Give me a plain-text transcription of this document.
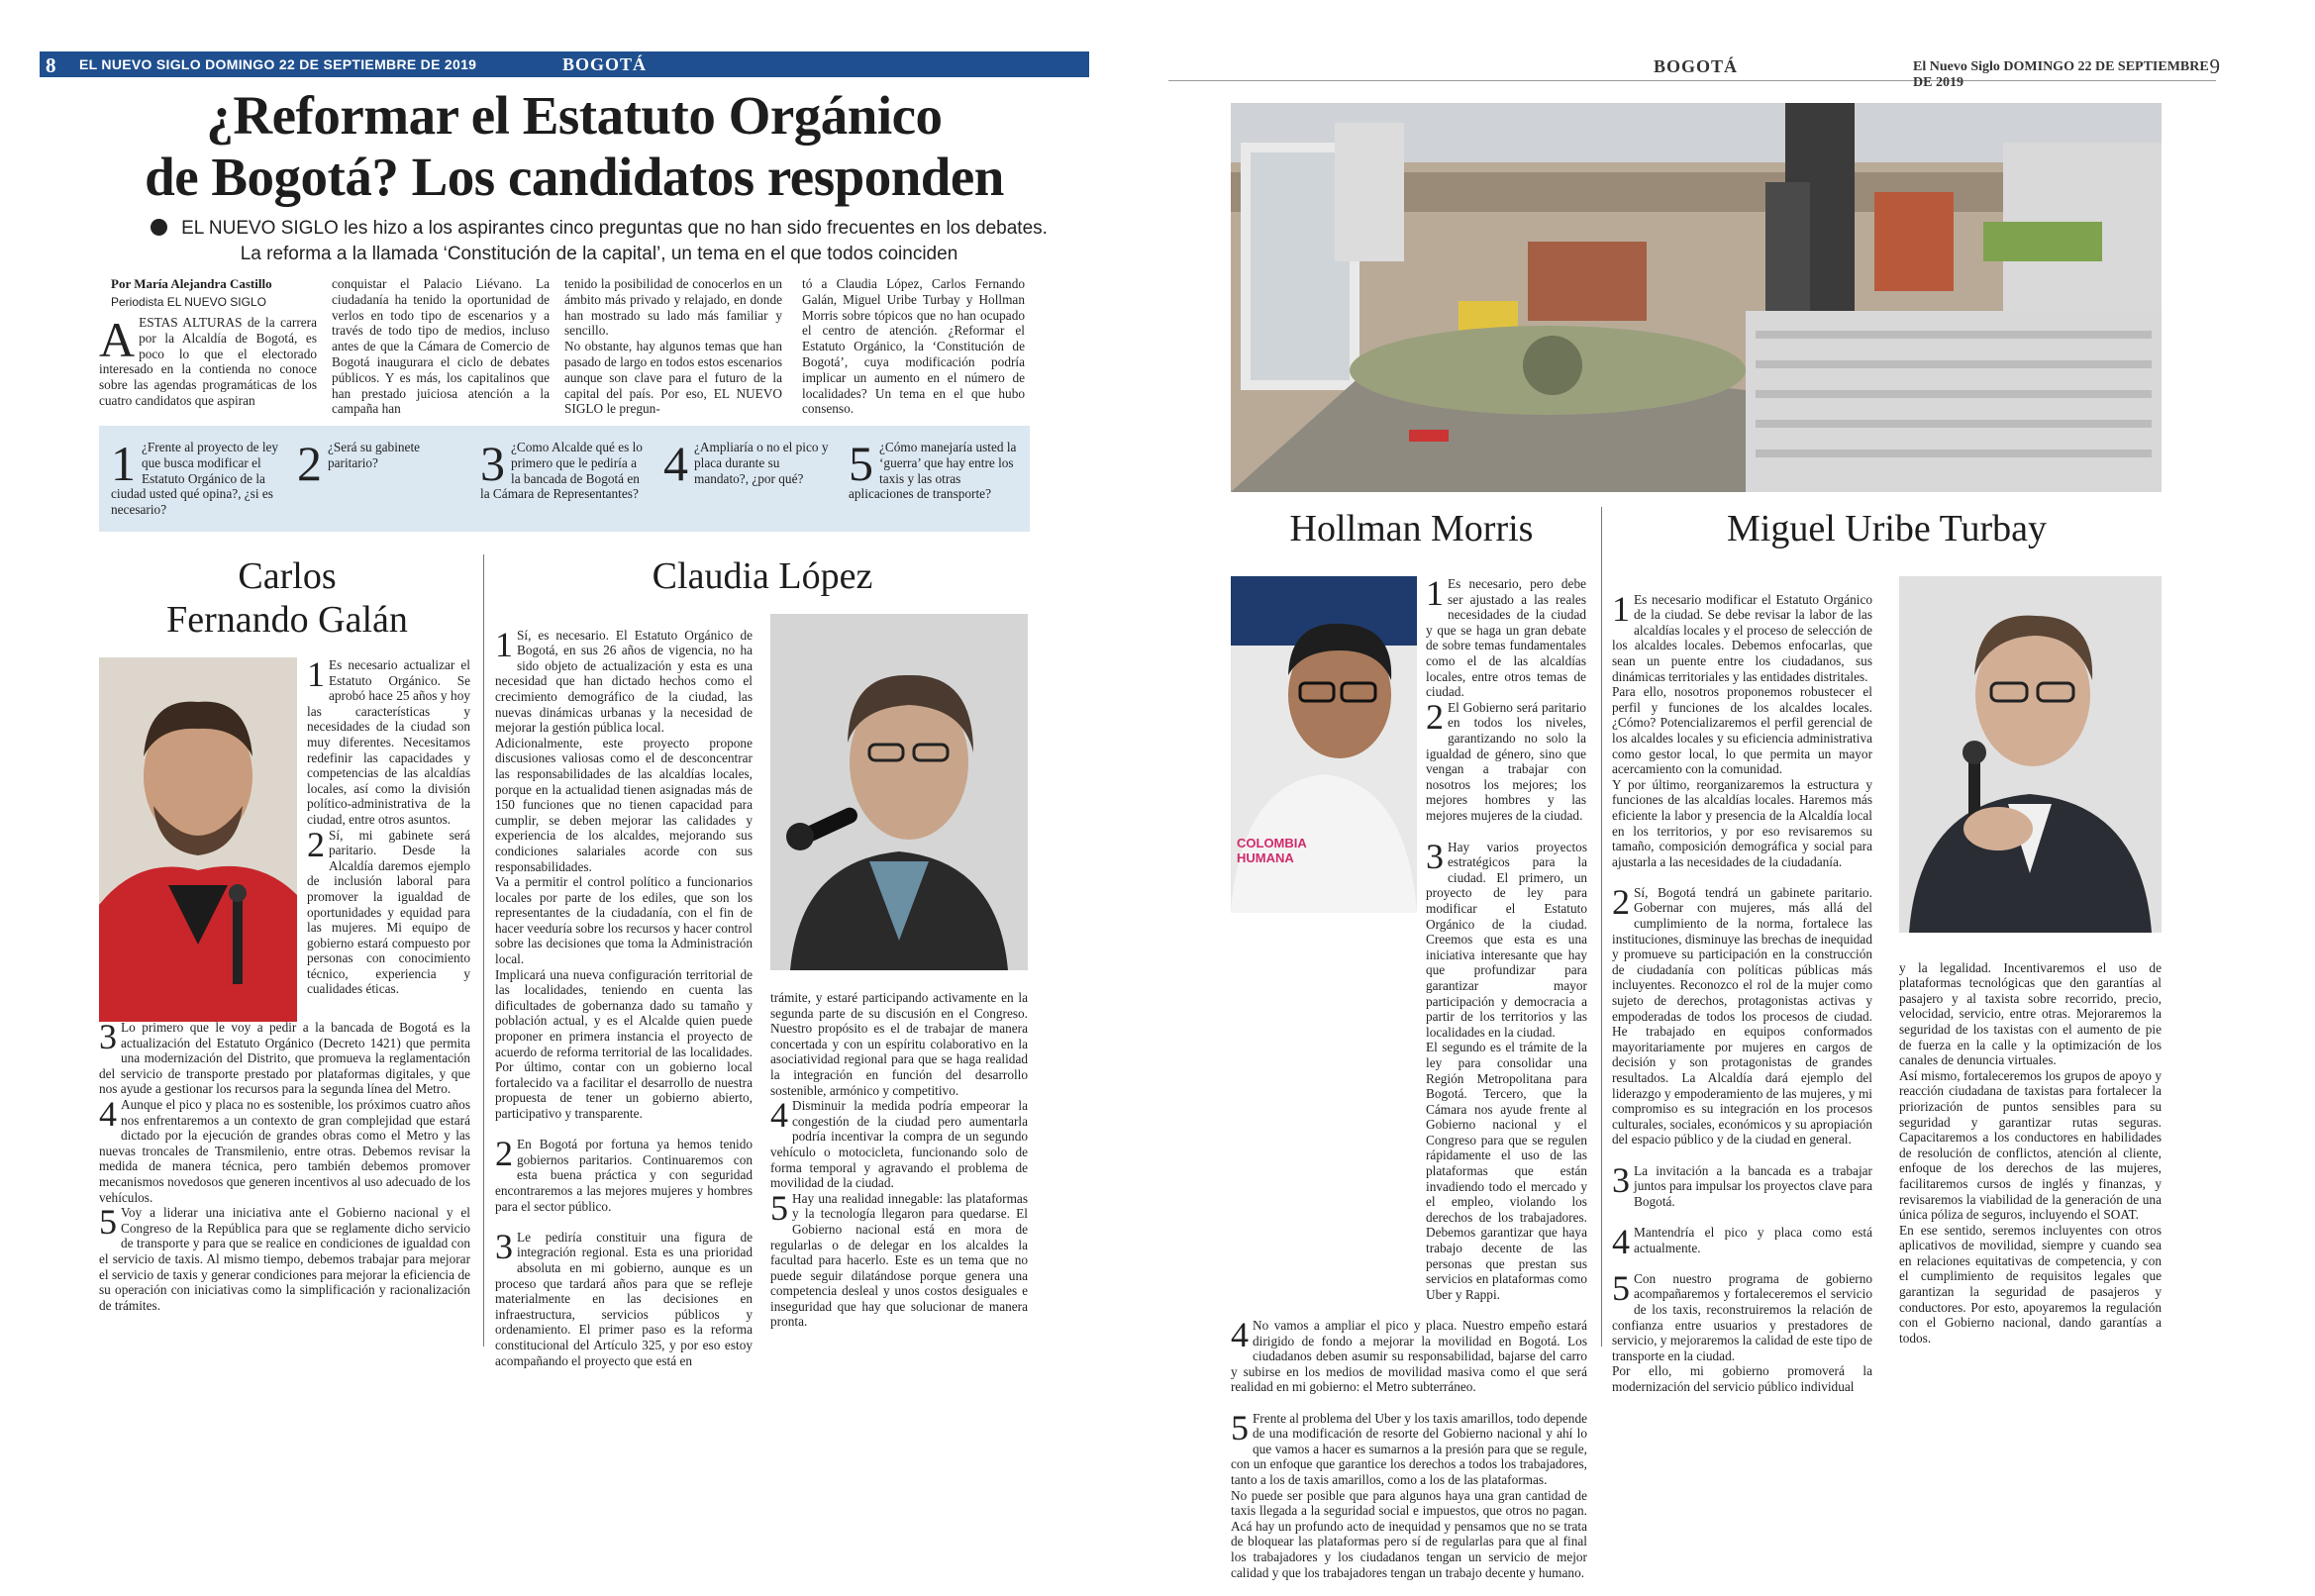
8 EL NUEVO SIGLO DOMINGO 22 DE SEPTIEMBRE DE 2019	BOGOTÁ	BOGOTÁ	El Nuevo Siglo DOMINGO 22 DE SEPTIEMBRE DE 2019
9
¿Reformar el Estatuto Orgánico
de Bogotá? Los candidatos responden
EL NUEVO SIGLO les hizo a los aspirantes cinco preguntas que no han sido frecuentes en los debates.
La reforma a la llamada ‘Constitución de la capital’, un tema en el que todos coinciden
Por María Alejandra Castillo
Periodista EL NUEVO SIGLO
AESTAS ALTURAS de la carrera por la Alcaldía de Bogotá, es poco lo que el electorado interesado en la contienda no conoce sobre las agendas programáticas de los cuatro candidatos que aspiran
conquistar el Palacio Liévano. La ciudadanía ha tenido la oportunidad de verlos en todo tipo de escenarios y a través de todo tipo de medios, incluso antes de que la Cámara de Comercio de Bogotá inaugurara el ciclo de debates públicos. Y es más, los capitalinos que han prestado juiciosa atención a la campaña han
tenido la posibilidad de conocerlos en un ámbito más privado y relajado, en donde han mostrado su lado más familiar y sencillo.
No obstante, hay algunos temas que han pasado de largo en todos estos escenarios aunque son clave para el futuro de la capital del país. Por eso, EL NUEVO SIGLO le pregun-
tó a Claudia López, Carlos Fernando Galán, Miguel Uribe Turbay y Hollman Morris sobre tópicos que no han ocupado el centro de atención. ¿Reformar el Estatuto Orgánico, la ‘Constitución de Bogotá’, cuya modificación podría implicar un aumento en el número de localidades? Un tema en el que hubo consenso.
1 ¿Frente al proyecto de ley que busca modificar el Estatuto Orgánico de la ciudad usted qué opina?, ¿si es necesario?
2 ¿Será su gabinete paritario?	3 ¿Como Alcalde qué es lo primero que le pediría a la bancada de Bogotá en la Cámara de Representantes?
4 ¿Ampliaría o no el pico y placa durante su mandato?, ¿por qué? 5 ¿Cómo manejaría usted la ‘guerra’ que hay entre los taxis y las otras aplicaciones de transporte?
Carlos
Fernando Galán

1 Es necesario actualizar el Estatuto Orgánico. Se aprobó hace 25 años y hoy las características y necesidades de la ciudad son muy diferentes. Necesitamos redefinir las capacidades y competencias de las alcaldías locales, así como la división político-administrativa de la ciudad, entre otros asuntos.

2 Sí, mi gabinete será paritario. Desde la Alcaldía daremos ejemplo de inclusión laboral para promover la igualdad de oportunidades y equidad para las mujeres. Mi equipo de gobierno estará compuesto por personas con conocimiento técnico, experiencia y cualidades éticas.

3 Lo primero que le voy a pedir a la bancada de Bogotá es la actualización del Estatuto Orgánico (Decreto 1421) que permita una modernización del Distrito, que promueva la reglamentación del servicio de transporte prestado por plataformas digitales, y que nos ayude a gestionar los recursos para la segunda línea del Metro.

4 Aunque el pico y placa no es sostenible, los próximos cuatro años nos enfrentaremos a un contexto de gran complejidad que estará dictado por la ejecución de grandes obras como el Metro y las nuevas troncales de Transmilenio, entre otras. Debemos revisar la medida de manera técnica, pero también debemos promover mecanismos novedosos que generen incentivos al uso adecuado de los vehículos.

5 Voy a liderar una iniciativa ante el Gobierno nacional y el Congreso de la República para que se reglamente dicho servicio de transporte y para que se realice en condiciones de igualdad con el servicio de taxis. Al mismo tiempo, debemos trabajar para mejorar el servicio de taxis y generar condiciones para mejorar la eficiencia de su operación con iniciativas como la simplificación y racionalización de trámites.

Claudia López

1 Sí, es necesario. El Estatuto Orgánico de Bogotá, en sus 26 años de vigencia, no ha sido objeto de actualización y esta es una necesidad que han dictado hechos como el crecimiento demográfico de la ciudad, las nuevas dinámicas urbanas y la necesidad de mejorar la gestión pública local.
Adicionalmente, este proyecto propone discusiones valiosas como el de desconcentrar las responsabilidades de las alcaldías locales, porque en la actualidad tienen asignadas más de 150 funciones que no tienen capacidad para cumplir, se deben mejorar las calidades y experiencia de los alcaldes, mejorando sus condiciones salariales acorde con sus responsabilidades.
Va a permitir el control político a funcionarios locales por parte de los ediles, que son los representantes de la ciudadanía, con el fin de hacer veeduría sobre los recursos y hacer control sobre las decisiones que toma la Administración local.
Implicará una nueva configuración territorial de las localidades, teniendo en cuenta las dificultades de gobernanza dado su tamaño y población actual, y es el Alcalde quien puede proponer en primera instancia el proyecto de acuerdo de reforma territorial de las localidades. Por último, contar con un gobierno local fortalecido va a facilitar el desarrollo de nuestra propuesta de tener un gobierno abierto, participativo y transparente.

2 En Bogotá por fortuna ya hemos tenido gobiernos paritarios. Continuaremos con esta buena práctica y con seguridad encontraremos a las mejores mujeres y hombres para el sector público.

3 Le pediría constituir una figura de integración regional. Esta es una prioridad absoluta en mi gobierno, aunque es un proceso que tardará años para que se refleje materialmente en las decisiones en infraestructura, servicios públicos y ordenamiento. El primer paso es la reforma constitucional del Artículo 325, y por eso estoy acompañando el proyecto que está en

trámite, y estaré participando activamente en la segunda parte de su discusión en el Congreso. Nuestro propósito es el de trabajar de manera concertada y con un espíritu colaborativo en la asociatividad regional para que se haga realidad la integración en función del desarrollo sostenible, armónico y competitivo.

4 Disminuir la medida podría empeorar la congestión de la ciudad pero aumentarla podría incentivar la compra de un segundo vehículo o motocicleta, funcionando solo de forma temporal y agravando el problema de movilidad de la ciudad.

5 Hay una realidad innegable: las plataformas y la tecnología llegaron para quedarse. El Gobierno nacional está en mora de regularlas o de delegar en los alcaldes la facultad para hacerlo. Este es un tema que no puede seguir dilatándose porque genera una competencia desleal y unos costos desiguales e inseguridad que hay que solucionar de manera pronta.

Hollman Morris
COLOMBIA HUMANA

1 Es necesario, pero debe ser ajustado a las reales necesidades de la ciudad y que se haga un gran debate de sobre temas fundamentales como el de las alcaldías locales, entre otros temas de ciudad.

2 El Gobierno será paritario en todos los niveles, garantizando no solo la igualdad de género, sino que vengan a trabajar con nosotros los mejores; los mejores hombres y las mejores mujeres de la ciudad.

3 Hay varios proyectos estratégicos para la ciudad. El primero, un proyecto de ley para modificar el Estatuto Orgánico de la ciudad. Creemos que esta es una iniciativa interesante que hay que profundizar para garantizar mayor participación y democracia a partir de los territorios y las localidades en la ciudad.
El segundo es el trámite de la ley para consolidar una Región Metropolitana para Bogotá. Tercero, que la Cámara nos ayude frente al Gobierno nacional y el Congreso para que se regulen rápidamente el uso de las plataformas que están invadiendo todo el mercado y el empleo, violando los derechos de los trabajadores. Debemos garantizar que haya trabajo decente de las personas que prestan sus servicios en plataformas como Uber y Rappi.

4 No vamos a ampliar el pico y placa. Nuestro empeño estará dirigido de fondo a mejorar la movilidad en Bogotá. Los ciudadanos deben asumir su responsabilidad, bajarse del carro y subirse en los medios de movilidad masiva como el que será realidad en mi gobierno: el Metro subterráneo.

5 Frente al problema del Uber y los taxis amarillos, todo depende de una modificación de resorte del Gobierno nacional y ahí lo que vamos a hacer es sumarnos a la presión para que se regule, con un enfoque que garantice los derechos a todos los trabajadores, tanto a los de taxis amarillos, como a los de las plataformas.
No puede ser posible que para algunos haya una gran cantidad de taxis llegada a la seguridad social e impuestos, que otros no pagan. Acá hay un profundo acto de inequidad y pensamos que no se trata de bloquear las plataformas pero sí de regularlas para que al final los trabajadores y los ciudadanos tengan un servicio de mejor calidad y que los trabajadores tengan un trabajo decente y humano.

Miguel Uribe Turbay

1 Es necesario modificar el Estatuto Orgánico de la ciudad. Se debe revisar la labor de las alcaldías locales y el proceso de selección de los alcaldes locales. Debemos enfocarlas, que sean un puente entre los ciudadanos, sus dinámicas territoriales y las entidades distritales.
Para ello, nosotros proponemos robustecer el perfil y funciones de los alcaldes locales. ¿Cómo? Potencializaremos el perfil gerencial de los alcaldes locales y su eficiencia administrativa como gestor local, lo que permita un mayor acercamiento con la comunidad.
Y por último, reorganizaremos la estructura y funciones de las alcaldías locales. Haremos más eficiente la labor y presencia de la Alcaldía local en los territorios, y por eso revisaremos su tamaño, composición demográfica y social para ajustarla a las necesidades de la ciudadanía.

2 Sí, Bogotá tendrá un gabinete paritario. Gobernar con mujeres, más allá del cumplimiento de la norma, fortalece las instituciones, disminuye las brechas de inequidad y promueve su participación en la construcción de ciudadanía con políticas públicas más incluyentes. Reconozco el rol de la mujer como sujeto de derechos, protagonistas activas y empoderadas de todos los procesos de ciudad. He trabajado en equipos conformados mayoritariamente por mujeres en cargos de decisión y son protagonistas de grandes resultados. La Alcaldía dará ejemplo del liderazgo y empoderamiento de las mujeres, y mi compromiso es su integración en los procesos culturales, sociales, económicos y su apropiación del espacio público y de la ciudad en general.

3 La invitación a la bancada es a trabajar juntos para impulsar los proyectos clave para Bogotá.

4 Mantendría el pico y placa como está actualmente.

5 Con nuestro programa de gobierno acompañaremos y fortaleceremos el servicio de los taxis, reconstruiremos la relación de confianza entre usuarios y prestadores de servicio, y mejoraremos la calidad de este tipo de transporte en la ciudad.
Por ello, mi gobierno promoverá la modernización del servicio público individual

y la legalidad. Incentivaremos el uso de plataformas tecnológicas que den garantías al pasajero y al taxista sobre recorrido, precio, velocidad, servicio, entre otras. Mejoraremos la seguridad de los taxistas con el aumento de pie de fuerza en la calle y la optimización de los canales de denuncia virtuales.
Así mismo, fortaleceremos los grupos de apoyo y reacción ciudadana de taxistas para fortalecer la priorización de puntos sensibles para su seguridad y garantizar rutas seguras. Capacitaremos a los conductores en habilidades de resolución de conflictos, atención al cliente, enfoque de los derechos de las mujeres, facilitaremos cursos de inglés y finanzas, y revisaremos la viabilidad de la generación de una única póliza de seguros, incluyendo el SOAT.
En ese sentido, seremos incluyentes con otros aplicativos de movilidad, siempre y cuando sea en relaciones equitativas de competencia, y con el cumplimiento de requisitos legales que garantizan la seguridad de pasajeros y conductores. Por esto, apoyaremos la regulación con el Gobierno nacional, dando garantías a todos.
